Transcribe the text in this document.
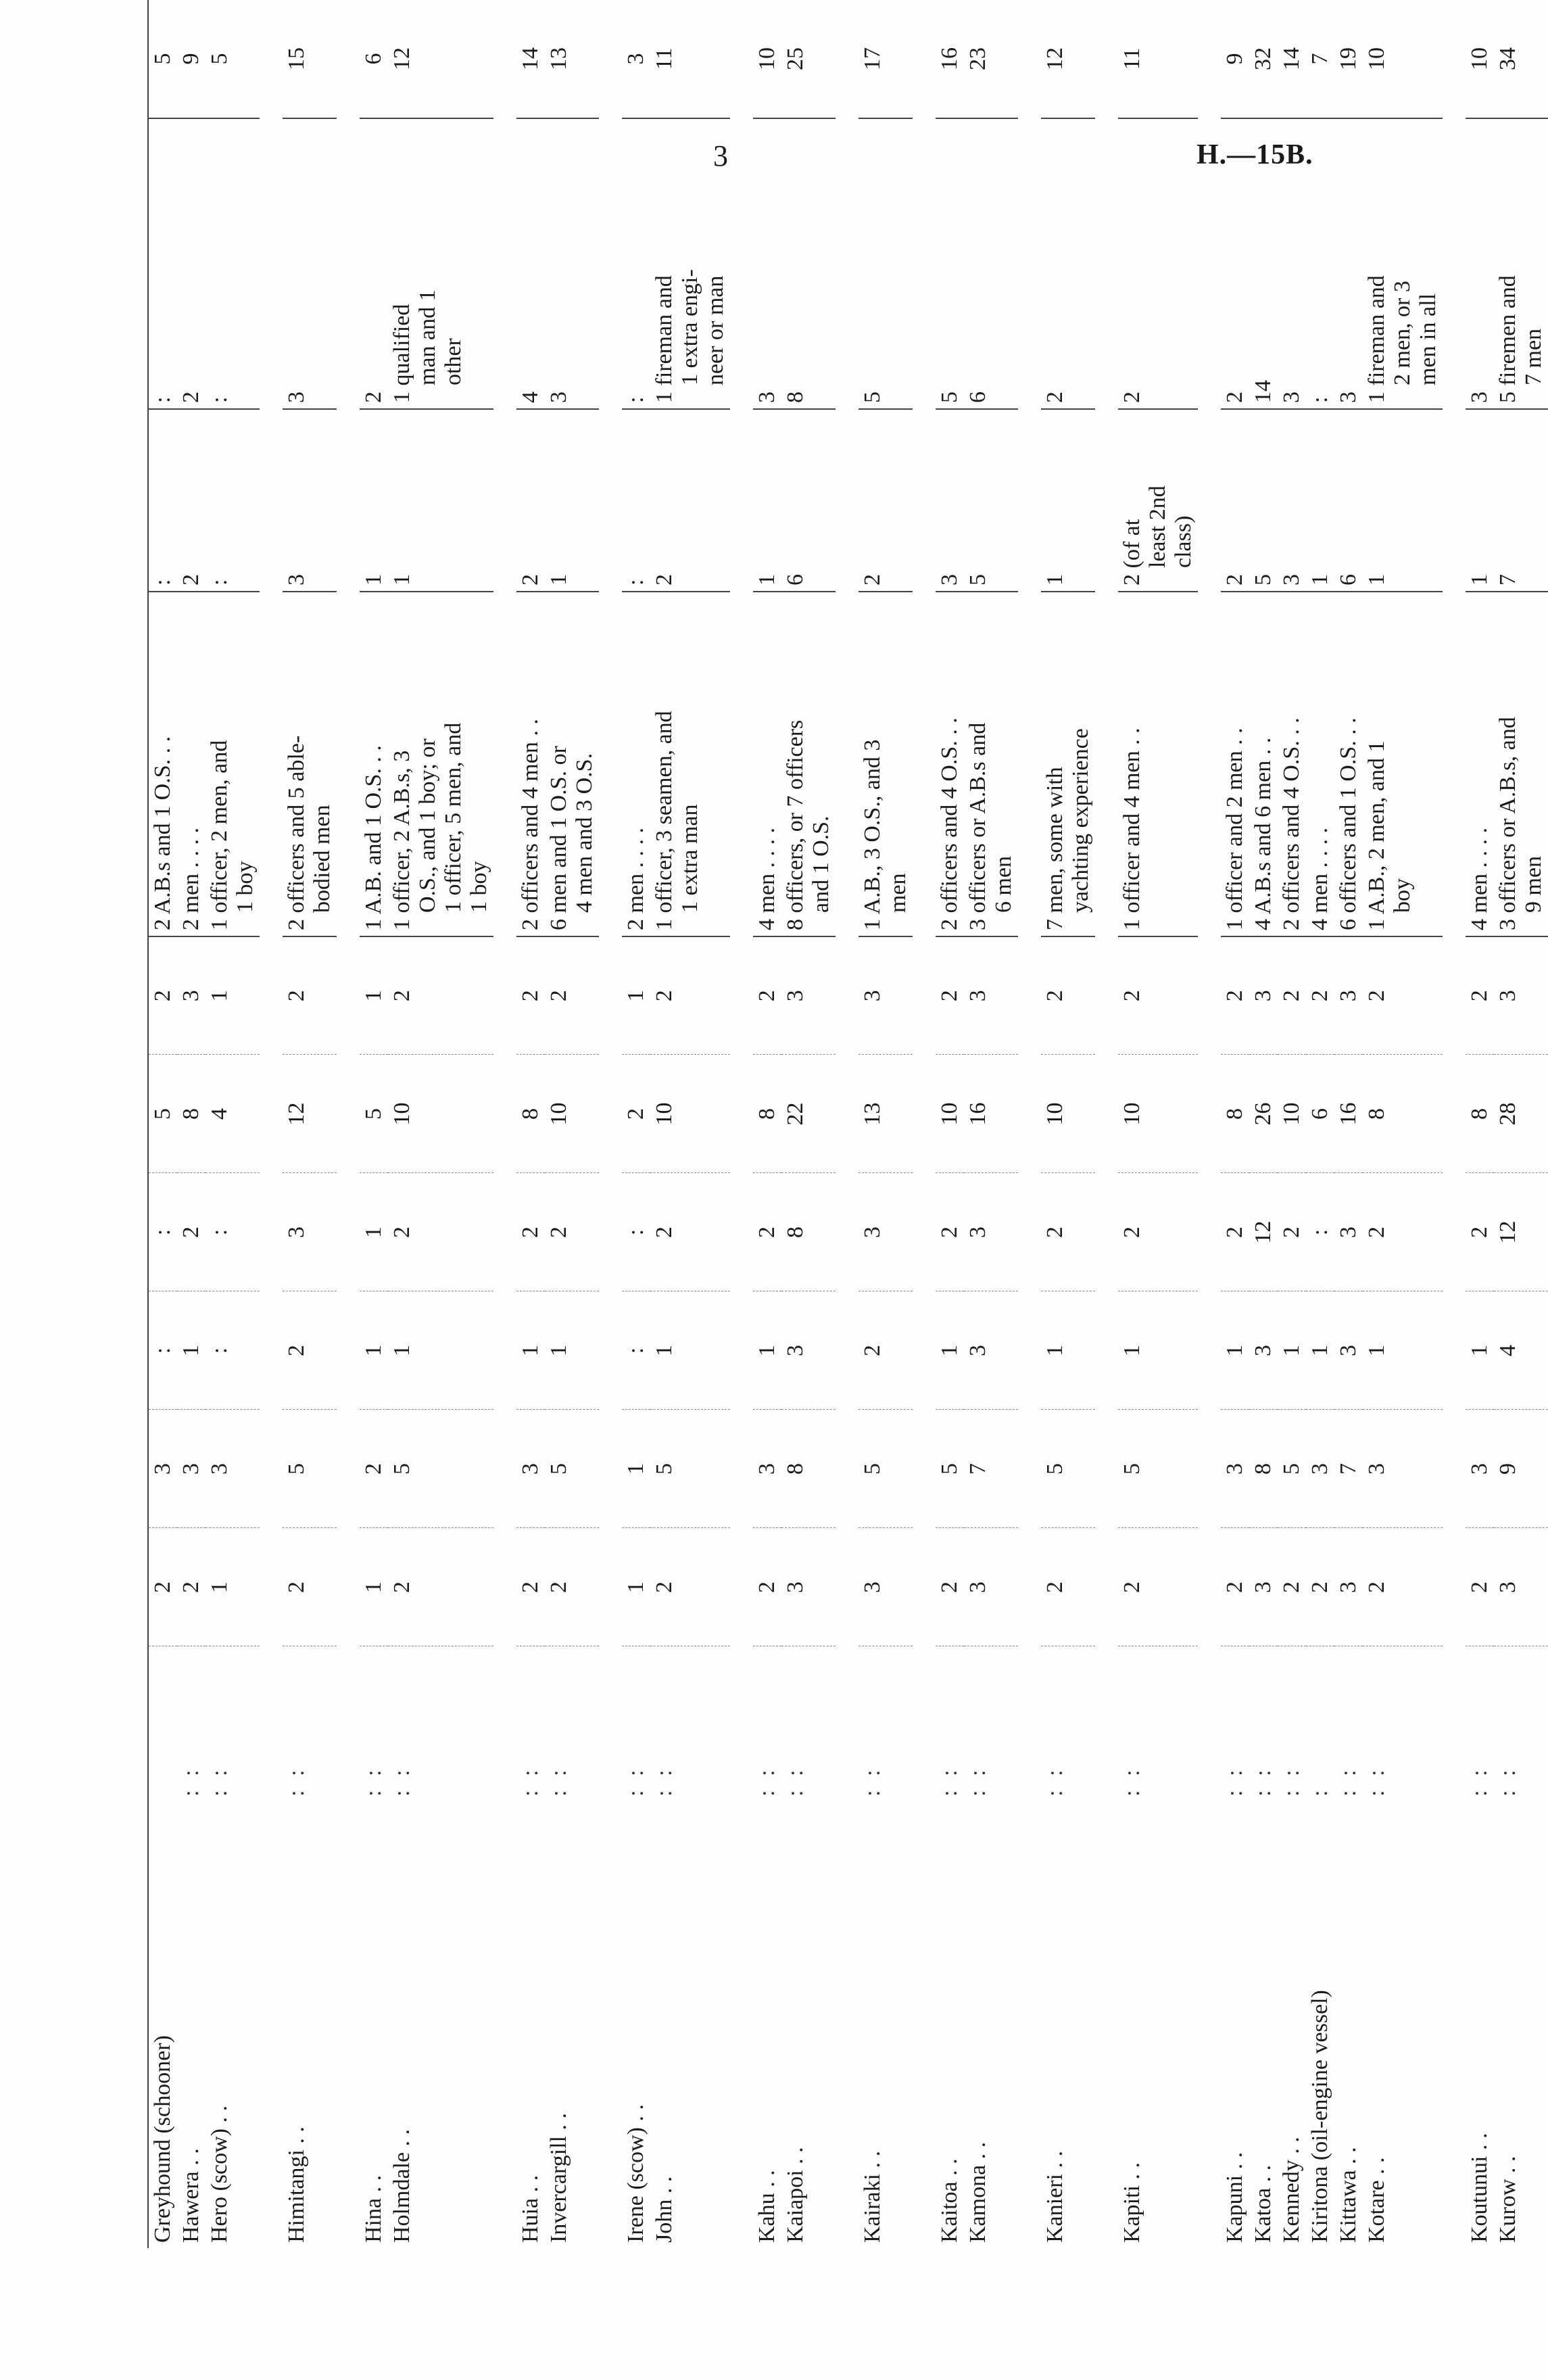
3	H.—15B.

Greyhound (schooner)		2	3	:	:	5	2	2 A.B.s and 1 O.S. . .	:	:	5
Hawera . .	: :	2	3	1	2	8	3	2 men . . . .	2	2	9
Hero (scow) . .	: :	1	3	:	:	4	1	1 officer, 2 men, and 1 boy	:	:	5

Himitangi . .	: :	2	5	2	3	12	2	2 officers and 5 able- bodied men	3	3	15

Hina . .	: :	1	2	1	1	5	1	1 A.B. and 1 O.S. . .	1	2	6
Holmdale . .	: :	2	5	1	2	10	2	1 officer, 2 A.B.s, 3 O.S., and 1 boy; or 1 officer, 5 men, and 1 boy	1	1 qualified man and 1 other	12

Huia . .	: :	2	3	1	2	8	2	2 officers and 4 men . .	2	4	14
Invercargill . .	: :	2	5	1	2	10	2	6 men and 1 O.S. or 4 men and 3 O.S.	1	3	13

Irene (scow) . .	: :	1	1	:	:	2	1	2 men . . . .	:	:	3
John . .	: :	2	5	1	2	10	2	1 officer, 3 seamen, and 1 extra man	2	1 fireman and 1 extra engi- neer or man	11

Kahu . .	: :	2	3	1	2	8	2	4 men . . . .	1	3	10
Kaiapoi . .	: :	3	8	3	8	22	3	8 officers, or 7 officers and 1 O.S.	6	8	25

Kairaki . .	: :	3	5	2	3	13	3	1 A.B., 3 O.S., and 3 men	2	5	17

Kaitoa . .	: :	2	5	1	2	10	2	2 officers and 4 O.S. . .	3	5	16
Kamona . .	: :	3	7	3	3	16	3	3 officers or A.B.s and 6 men	5	6	23

Kanieri . .	: :	2	5	1	2	10	2	7 men, some with yachting experience	1	2	12

Kapiti . .	: :	2	5	1	2	10	2	1 officer and 4 men . .	2 (of at least 2nd class)	2	11

Kapuni . .	: :	2	3	1	2	8	2	1 officer and 2 men . .	2	2	9
Katoa . .	: :	3	8	3	12	26	3	4 A.B.s and 6 men . .	5	14	32
Kennedy . .	: :	2	5	1	2	10	2	2 officers and 4 O.S. . .	3	3	14
Kiritona (oil-engine vessel)	:	2	3	1	:	6	2	4 men . . . .	1	:	7
Kittawa . .	: :	3	7	3	3	16	3	6 officers and 1 O.S. . .	6	3	19
Kotare . .	: :	2	3	1	2	8	2	1 A.B., 2 men, and 1 boy	1	1 fireman and 2 men, or 3 men in all	10

Koutunui . .	: :	2	3	1	2	8	2	4 men . . . .	1	3	10
Kurow . .	: :	3	9	4	12	28	3	3 officers or A.B.s, and 9 men	7	5 firemen and 7 men	34
